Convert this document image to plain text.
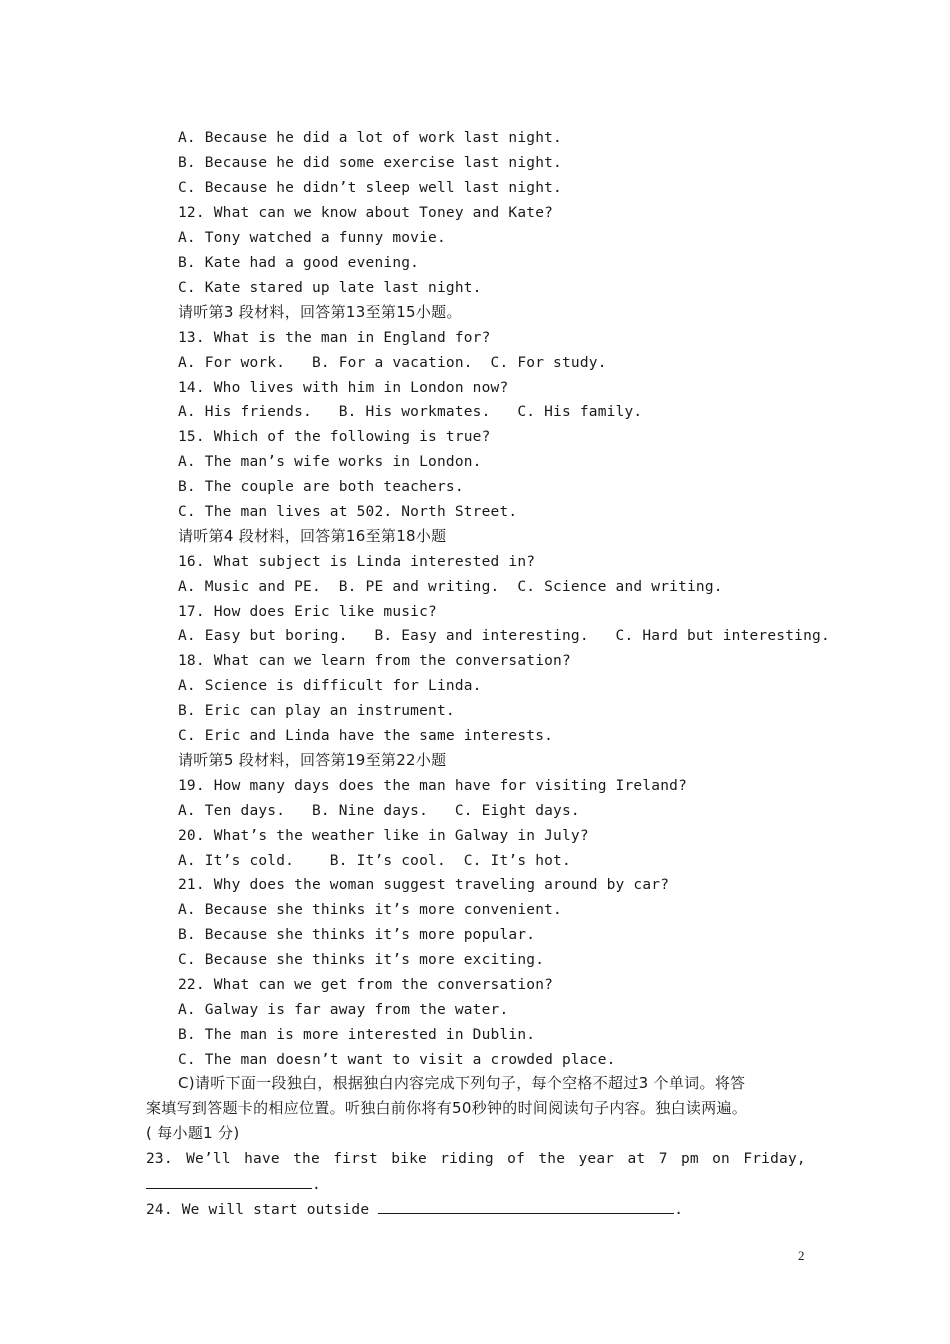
A. Because he did a lot of work last night.
B. Because he did some exercise last night.
C. Because he didn’t sleep well last night.
12. What can we know about Toney and Kate?
A. Tony watched a funny movie.
B. Kate had a good evening.
C. Kate stared up late last night.
请听第3 段材料，回答第13至第15小题。
13. What is the man in England for?
A. For work.   B. For a vacation.  C. For study.
14. Who lives with him in London now?
A. His friends.   B. His workmates.   C. His family.
15. Which of the following is true?
A. The man’s wife works in London.
B. The couple are both teachers.
C. The man lives at 502. North Street.
请听第4 段材料，回答第16至第18小题
16. What subject is Linda interested in?
A. Music and PE.  B. PE and writing.  C. Science and writing.
17. How does Eric like music?
A. Easy but boring.   B. Easy and interesting.   C. Hard but interesting.
18. What can we learn from the conversation?
A. Science is difficult for Linda.
B. Eric can play an instrument.
C. Eric and Linda have the same interests.
请听第5 段材料，回答第19至第22小题
19. How many days does the man have for visiting Ireland?
A. Ten days.   B. Nine days.   C. Eight days.
20. What’s the weather like in Galway in July?
A. It’s cold.    B. It’s cool.  C. It’s hot.
21. Why does the woman suggest traveling around by car?
A. Because she thinks it’s more convenient.
B. Because she thinks it’s more popular.
C. Because she thinks it’s more exciting.
22. What can we get from the conversation?
A. Galway is far away from the water.
B. The man is more interested in Dublin.
C. The man doesn’t want to visit a crowded place.
C)请听下面一段独白，根据独白内容完成下列句子，每个空格不超过3 个单词。将答
案填写到答题卡的相应位置。听独白前你将有50秒钟的时间阅读句子内容。独白读两遍。
( 每小题1 分)
23. We’ll have the first bike riding of the year at 7 pm on Friday,
.
24. We will start outside	.
2
